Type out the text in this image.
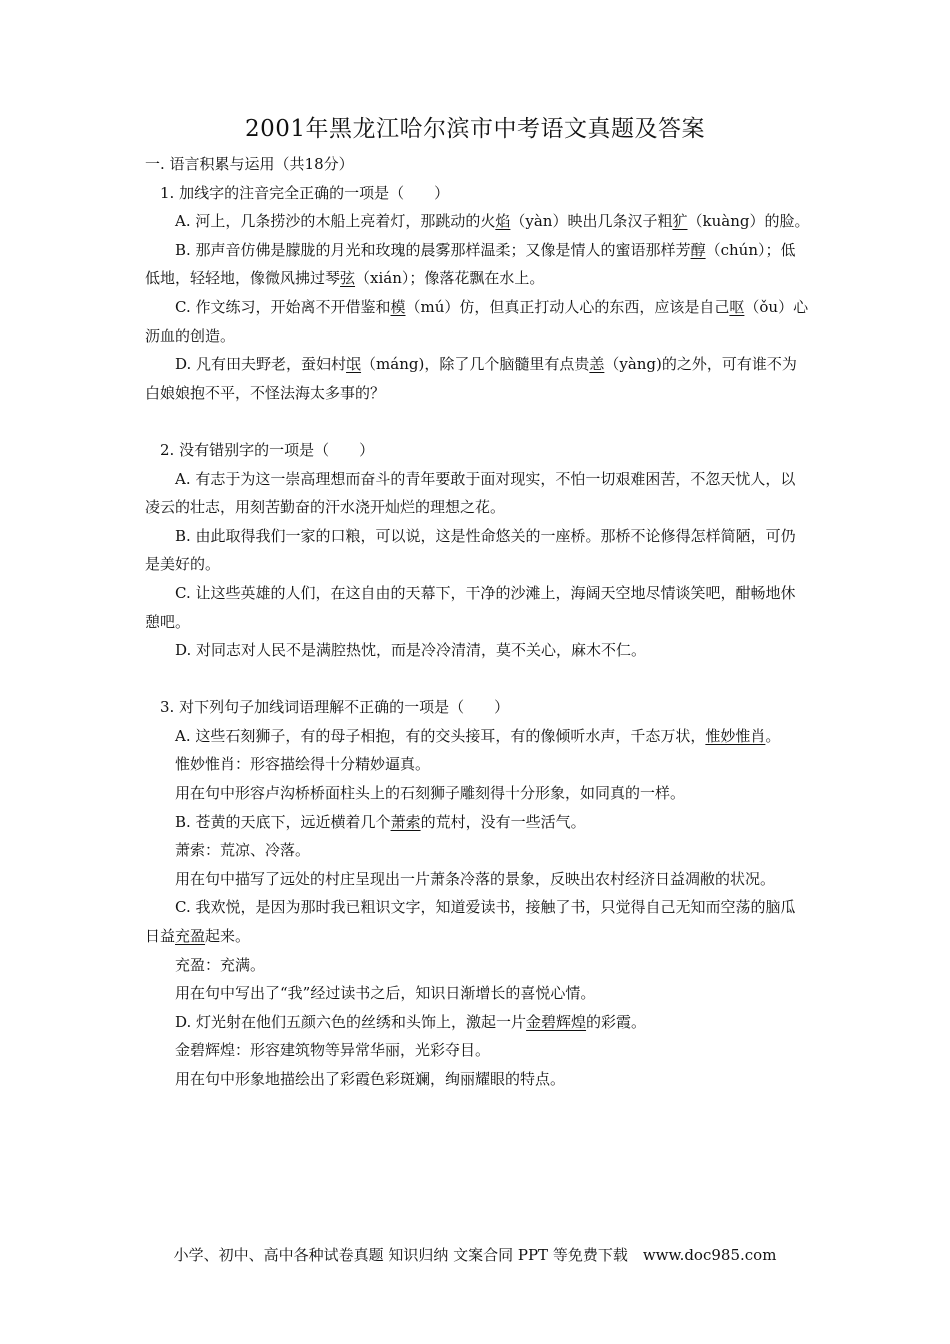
2001年黑龙江哈尔滨市中考语文真题及答案

一. 语言积累与运用（共18分）

1. 加线字的注音完全正确的一项是（　　）

A. 河上，几条捞沙的木船上亮着灯，那跳动的火焰（yàn）映出几条汉子粗犷（kuàng）的脸。

B. 那声音仿佛是朦胧的月光和玫瑰的晨雾那样温柔；又像是情人的蜜语那样芳醇（chún）；低低地，轻轻地，像微风拂过琴弦（xián）；像落花飘在水上。

C. 作文练习，开始离不开借鉴和模（mú）仿，但真正打动人心的东西，应该是自己呕（ǒu）心沥血的创造。

D. 凡有田夫野老，蚕妇村氓（máng)，除了几个脑髓里有点贵恙（yàng)的之外，可有谁不为白娘娘抱不平，不怪法海太多事的？

2. 没有错别字的一项是（　　）

A. 有志于为这一崇高理想而奋斗的青年要敢于面对现实，不怕一切艰难困苦，不忽天忧人，以凌云的壮志，用刻苦勤奋的汗水浇开灿烂的理想之花。

B. 由此取得我们一家的口粮，可以说，这是性命悠关的一座桥。那桥不论修得怎样简陋，可仍是美好的。

C. 让这些英雄的人们，在这自由的天幕下，干净的沙滩上，海阔天空地尽情谈笑吧，酣畅地休憩吧。

D. 对同志对人民不是满腔热忱，而是冷冷清清，莫不关心，麻木不仁。

3. 对下列句子加线词语理解不正确的一项是（　　）

A. 这些石刻狮子，有的母子相抱，有的交头接耳，有的像倾听水声，千态万状，惟妙惟肖。

惟妙惟肖：形容描绘得十分精妙逼真。

用在句中形容卢沟桥桥面柱头上的石刻狮子雕刻得十分形象，如同真的一样。

B. 苍黄的天底下，远近横着几个萧索的荒村，没有一些活气。

萧索：荒凉、冷落。

用在句中描写了远处的村庄呈现出一片萧条冷落的景象，反映出农村经济日益凋敝的状况。

C. 我欢悦，是因为那时我已粗识文字，知道爱读书，接触了书，只觉得自己无知而空荡的脑瓜日益充盈起来。

充盈：充满。

用在句中写出了“我”经过读书之后，知识日渐增长的喜悦心情。

D. 灯光射在他们五颜六色的丝绣和头饰上，激起一片金碧辉煌的彩霞。

金碧辉煌：形容建筑物等异常华丽，光彩夺目。

用在句中形象地描绘出了彩霞色彩斑斓，绚丽耀眼的特点。

小学、初中、高中各种试卷真题 知识归纳 文案合同 PPT 等免费下载　www.doc985.com
